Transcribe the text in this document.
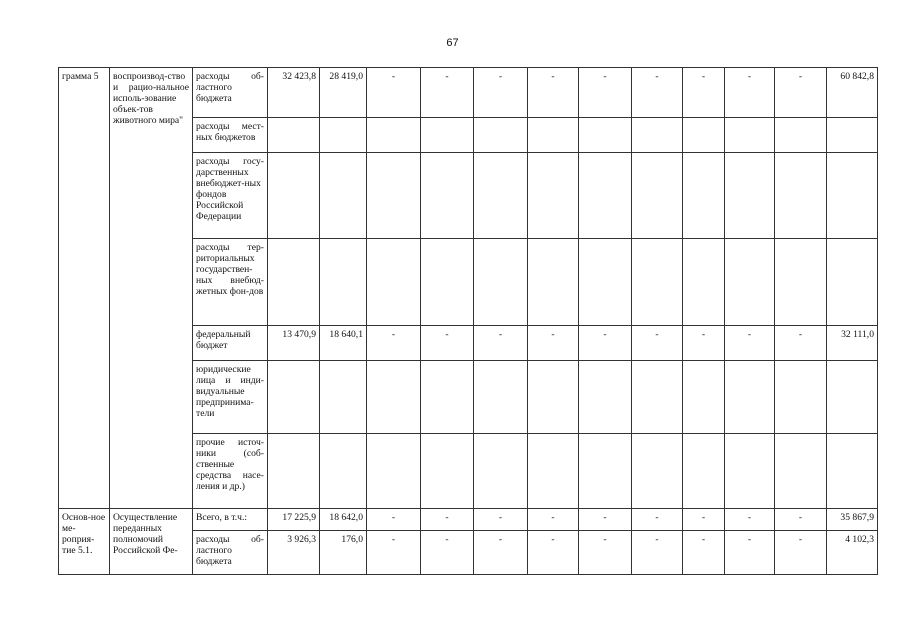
67
грамма 5	воспроизвод-ство и рацио-нальное исполь-зование объек-тов животного мира"	расходы об-ластного бюджета	32 423,8	28 419,0	-	-	-	-	-	-	-	-	-	60 842,8
		расходы мест-ных бюджетов												
		расходы госу-дарственных внебюджет-ных фондов Российской Федерации												
		расходы тер-риториальных государствен-ных внебюд-жетных фон-дов												
		федеральный бюджет	13 470,9	18 640,1	-	-	-	-	-	-	-	-	-	32 111,0
		юридические лица и инди-видуальные предпринима-тели												
		прочие источ-ники (соб-ственные средства насе-ления и др.)												
Основ-ное ме-роприя-тие 5.1.	Осуществление переданных полномочий Российской Фе-	Всего, в т.ч.:	17 225,9	18 642,0	-	-	-	-	-	-	-	-	-	35 867,9
		расходы об-ластного бюджета	3 926,3	176,0	-	-	-	-	-	-	-	-	-	4 102,3
